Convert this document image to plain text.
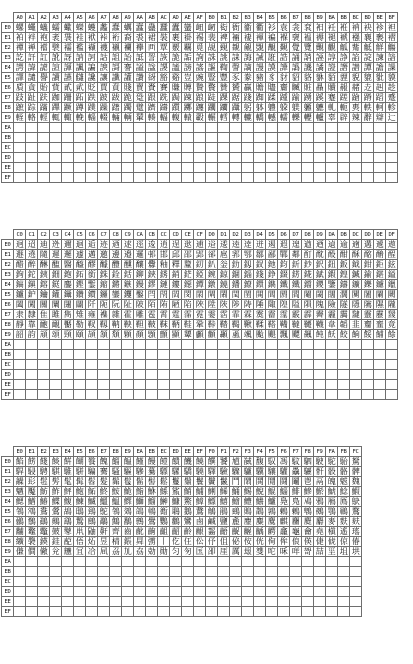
	A0	A1	A2	A3	A4	A5	A6	A7	A8	A9	AA	AB	AC	AD	AE	AF	B0	B1	B2	B3	B4	B5	B6	B7	B8	B9	BA	BB	BC	BD	BE	BF
E0	螺	蠅	蟻	蠕	蠍	蠑	蠖	蠡	蠢	蠣	蠧	蠱	蠶	蠹	蠻	衄	衂	衒	衙	衞	衢	衫	袁	衾	袞	衵	衽	袵	衲	袂	袗	袒
E1	袙	袢	袍	袤	袰	袿	袱	裃	裄	裔	裘	裙	裝	裹	褂	裼	裴	裨	裲	褄	褌	褊	褓	襃	褞	褥	褪	褫	襁	襄	褻	褶
E2	襌	褝	襠	襞	襦	襤	襭	襪	襯	襴	襷	襾	覃	覈	覊	覓	覘	覡	覩	覦	覬	覯	覲	覺	覽	覿	觀	觚	觜	觝	觧	觴
E3	訖	訐	訌	訛	訝	訥	訶	詁	詛	詒	詆	詈	詼	詭	詬	詢	誅	誂	誄	誨	誡	誑	誥	誦	誚	誣	諄	諍	諂	諚	諫	諳
E4	諤	諱	謔	諠	諢	諷	諞	諛	謌	謇	謚	諡	謖	謐	謗	謠	謳	鞫	謦	謫	謾	謨	譁	譌	譏	譎	證	譖	譛	譚	譫	譟
E5	譯	譴	譽	讀	讌	讎	讒	讓	讖	讙	讚	谺	豁	谿	豈	豌	豎	豐	豕	豢	豬	豸	豺	貂	貉	貅	貊	貍	貎	貔	豼	貘
E6	貭	貪	貽	貲	貳	貮	貶	賈	賁	賤	賣	賚	賽	賺	賻	贄	贅	贊	贇	贏	贍	贐	齎	贓	賍	贔	贖	赧	赭	赱	赳	趁
E7	跂	趾	趺	跏	跚	跖	跌	跛	跋	跪	跫	跟	跣	跼	踈	踉	跿	踝	踞	踐	踟	蹂	踵	踰	踴	蹊	蹇	蹉	蹌	蹐	蹈	蹙
E8	蹠	踪	蹣	蹕	蹶	蹲	蹼	躁	躇	躅	躄	躋	躊	躓	躑	躔	躙	躪	躡	躬	躰	軆	躱	躾	軅	軈	軋	軛	軣	軼	軻	軫
E9	輊	輅	輕	輒	輙	輓	輜	輟	輛	輌	輦	輳	輻	輹	轅	轂	輾	轌	轉	轆	轎	轗	轜	轢	轣	轤	辜	辟	辣	辭	辯	辷
EA																																
EB																																
EC																																
ED																																
EE																																
EF																																
	C0	C1	C2	C3	C4	C5	C6	C7	C8	C9	CA	CB	CC	CD	CE	CF	D0	D1	D2	D3	D4	D5	D6	D7	D8	D9	DA	DB	DC	DD	DE	DF
E0	迥	迢	迪	迯	邇	迴	逅	迹	迺	逑	逕	逡	逍	逞	逖	逋	逧	逶	逵	逹	迸	遏	遐	遑	遒	逎	遉	逾	遖	遘	遞	遨
E1	遯	遶	隨	遲	邂	遽	邁	邀	邊	邉	邏	邨	邯	邱	邵	郢	郤	扈	郛	鄂	鄒	鄙	鄲	鄰	酊	酖	酘	酣	酥	酩	酳	酲
E2	醋	醉	醂	醢	醫	醯	醪	醵	醴	醺	釀	釁	釉	釋	釐	釖	釟	釡	釛	釼	釵	釶	鈞	釿	鈔	鈬	鈕	鈑	鉞	鉗	鉅	鉉
E3	鉤	鉈	銕	鈿	鉋	鉐	銜	銖	銓	銛	鉚	鋏	銹	銷	鋩	錏	鋺	鍄	錮	錙	錢	錚	錣	錺	錵	錻	鍜	鍠	鍼	鍮	鍖	鎰
E4	鎬	鎭	鎔	鎹	鏖	鏗	鏨	鏥	鏘	鏃	鏝	鏐	鏈	鏤	鐚	鐔	鐓	鐃	鐇	鐐	鐶	鐫	鐵	鐡	鐺	鑁	鑒	鑄	鑛	鑠	鑢	鑞
E5	鑪	鈩	鑰	鑵	鑷	鑽	鑚	鑼	鑾	钁	鑿	閂	閇	閊	閔	閖	閘	閙	閠	閨	閧	閭	閼	閻	閹	閾	闊	濶	闃	闍	闌	闕
E6	闔	闖	關	闡	闥	闢	阡	阨	阮	阯	陂	陌	陏	陋	陷	陜	陞	陝	陟	陦	陲	陬	隍	隘	隕	隗	險	隧	隱	隲	隰	隴
E7	隶	隸	隹	雎	雋	雉	雍	襍	雜	霍	雕	雹	霄	霆	霈	霓	霎	霑	霏	霖	霙	霤	霪	霰	霹	霽	霾	靄	靆	靈	靂	靉
E8	靜	靠	靤	靦	靨	勒	靫	靱	靹	鞅	靼	鞁	靺	鞆	鞋	鞏	鞐	鞜	鞨	鞦	鞣	鞳	鞴	韃	韆	韈	韋	韜	韭	齏	韲	竟
E9	韶	韵	頏	頌	頸	頤	頡	頷	頽	顆	顏	顋	顫	顯	顰	顱	顴	顳	颪	颯	颱	颶	飄	飃	飆	飩	飫	餃	餉	餒	餔	餘
EA																																
EB																																
EC																																
ED																																
EE																																
EF																																
	E0	E1	E2	E3	E4	E5	E6	E7	E8	E9	EA	EB	EC	ED	EE	EF	F0	F1	F2	F3	F4	F5	F6	F7	F8	F9	FA	FB	FC
E0	餡	餝	餞	餤	餠	餬	餮	餽	餾	饂	饉	饅	饐	饋	饑	饒	饌	饕	馗	馘	馥	馭	馮	馼	駟	駛	駝	駘	駑
E1	駻	駸	騁	騏	騅	駢	騙	騫	騷	驅	驂	驀	驃	騾	驕	驍	驛	驗	驟	驢	驥	驤	驩	驫	驪	骭	骰	骼	髀
E2	髞	髟	髢	髣	髦	髯	髫	髮	髴	髱	髷	髻	鬆	鬘	鬚	鬟	鬢	鬣	鬥	鬧	鬨	鬩	鬪	鬮	鬯	鬲	魄	魃	魏
E3	魑	魘	魴	鮓	鮃	鮑	鮖	鮗	鮟	鮠	鮨	鮴	鯀	鯊	鮹	鯆	鯏	鯑	鯒	鯣	鯢	鯤	鯔	鯡	鰺	鯲	鯱	鯰	鰕
E4	鰓	鰌	鰆	鰈	鰒	鰊	鰄	鰮	鰛	鰥	鰤	鰡	鰰	鱇	鰲	鱆	鰾	鱚	鱠	鱧	鱶	鱸	鳧	鳬	鳰	鴉	鴈	鳫	鴃
E5	鴒	鴪	鴦	鶯	鴣	鴟	鵄	鴕	鴒	鵁	鴿	鴾	鵆	鵈	鵝	鵞	鵤	鵑	鵐	鵙	鵲	鶉	鶇	鶫	鵯	鵺	鶚	鶤	鶩
E6	鶸	鶺	鷆	鷏	鷂	鷙	鷓	鷸	鷦	鷭	鷯	鷽	鸚	鸛	鸞	鹵	鹹	鹽	麁	麈	麋	麌	麒	麕	麑	麝	麥	麩	麸
E7	黼	鼇	鼈	皷	鼕	鼡	鼬	鼾	齊	齒	齔	齣	齟	齠	齡	齦	齧	齬	齪	齷	齲	齶	龕	龜	龠	堯	槇	遙	瑤
E8	纊	褜	鍈	銈	蓜	俉	炻	昱	棈	鋹	曻	彅	丨	仡	仼	伀	伃	伹	佖	侒	侊	侚	侔	俍	偀	倢	俿	倞	偆
E9	傔	僴	僘	兊	兤	冝	冾	凬	刕	劜	劦	勀	勛	匀	匇	匤	卲	厓	厲	叝	﨎	咜	咊	咩	哿	喆	坙	坥	垬
EA																													
EB																													
EC																													
ED																													
EE																													
EF																													
